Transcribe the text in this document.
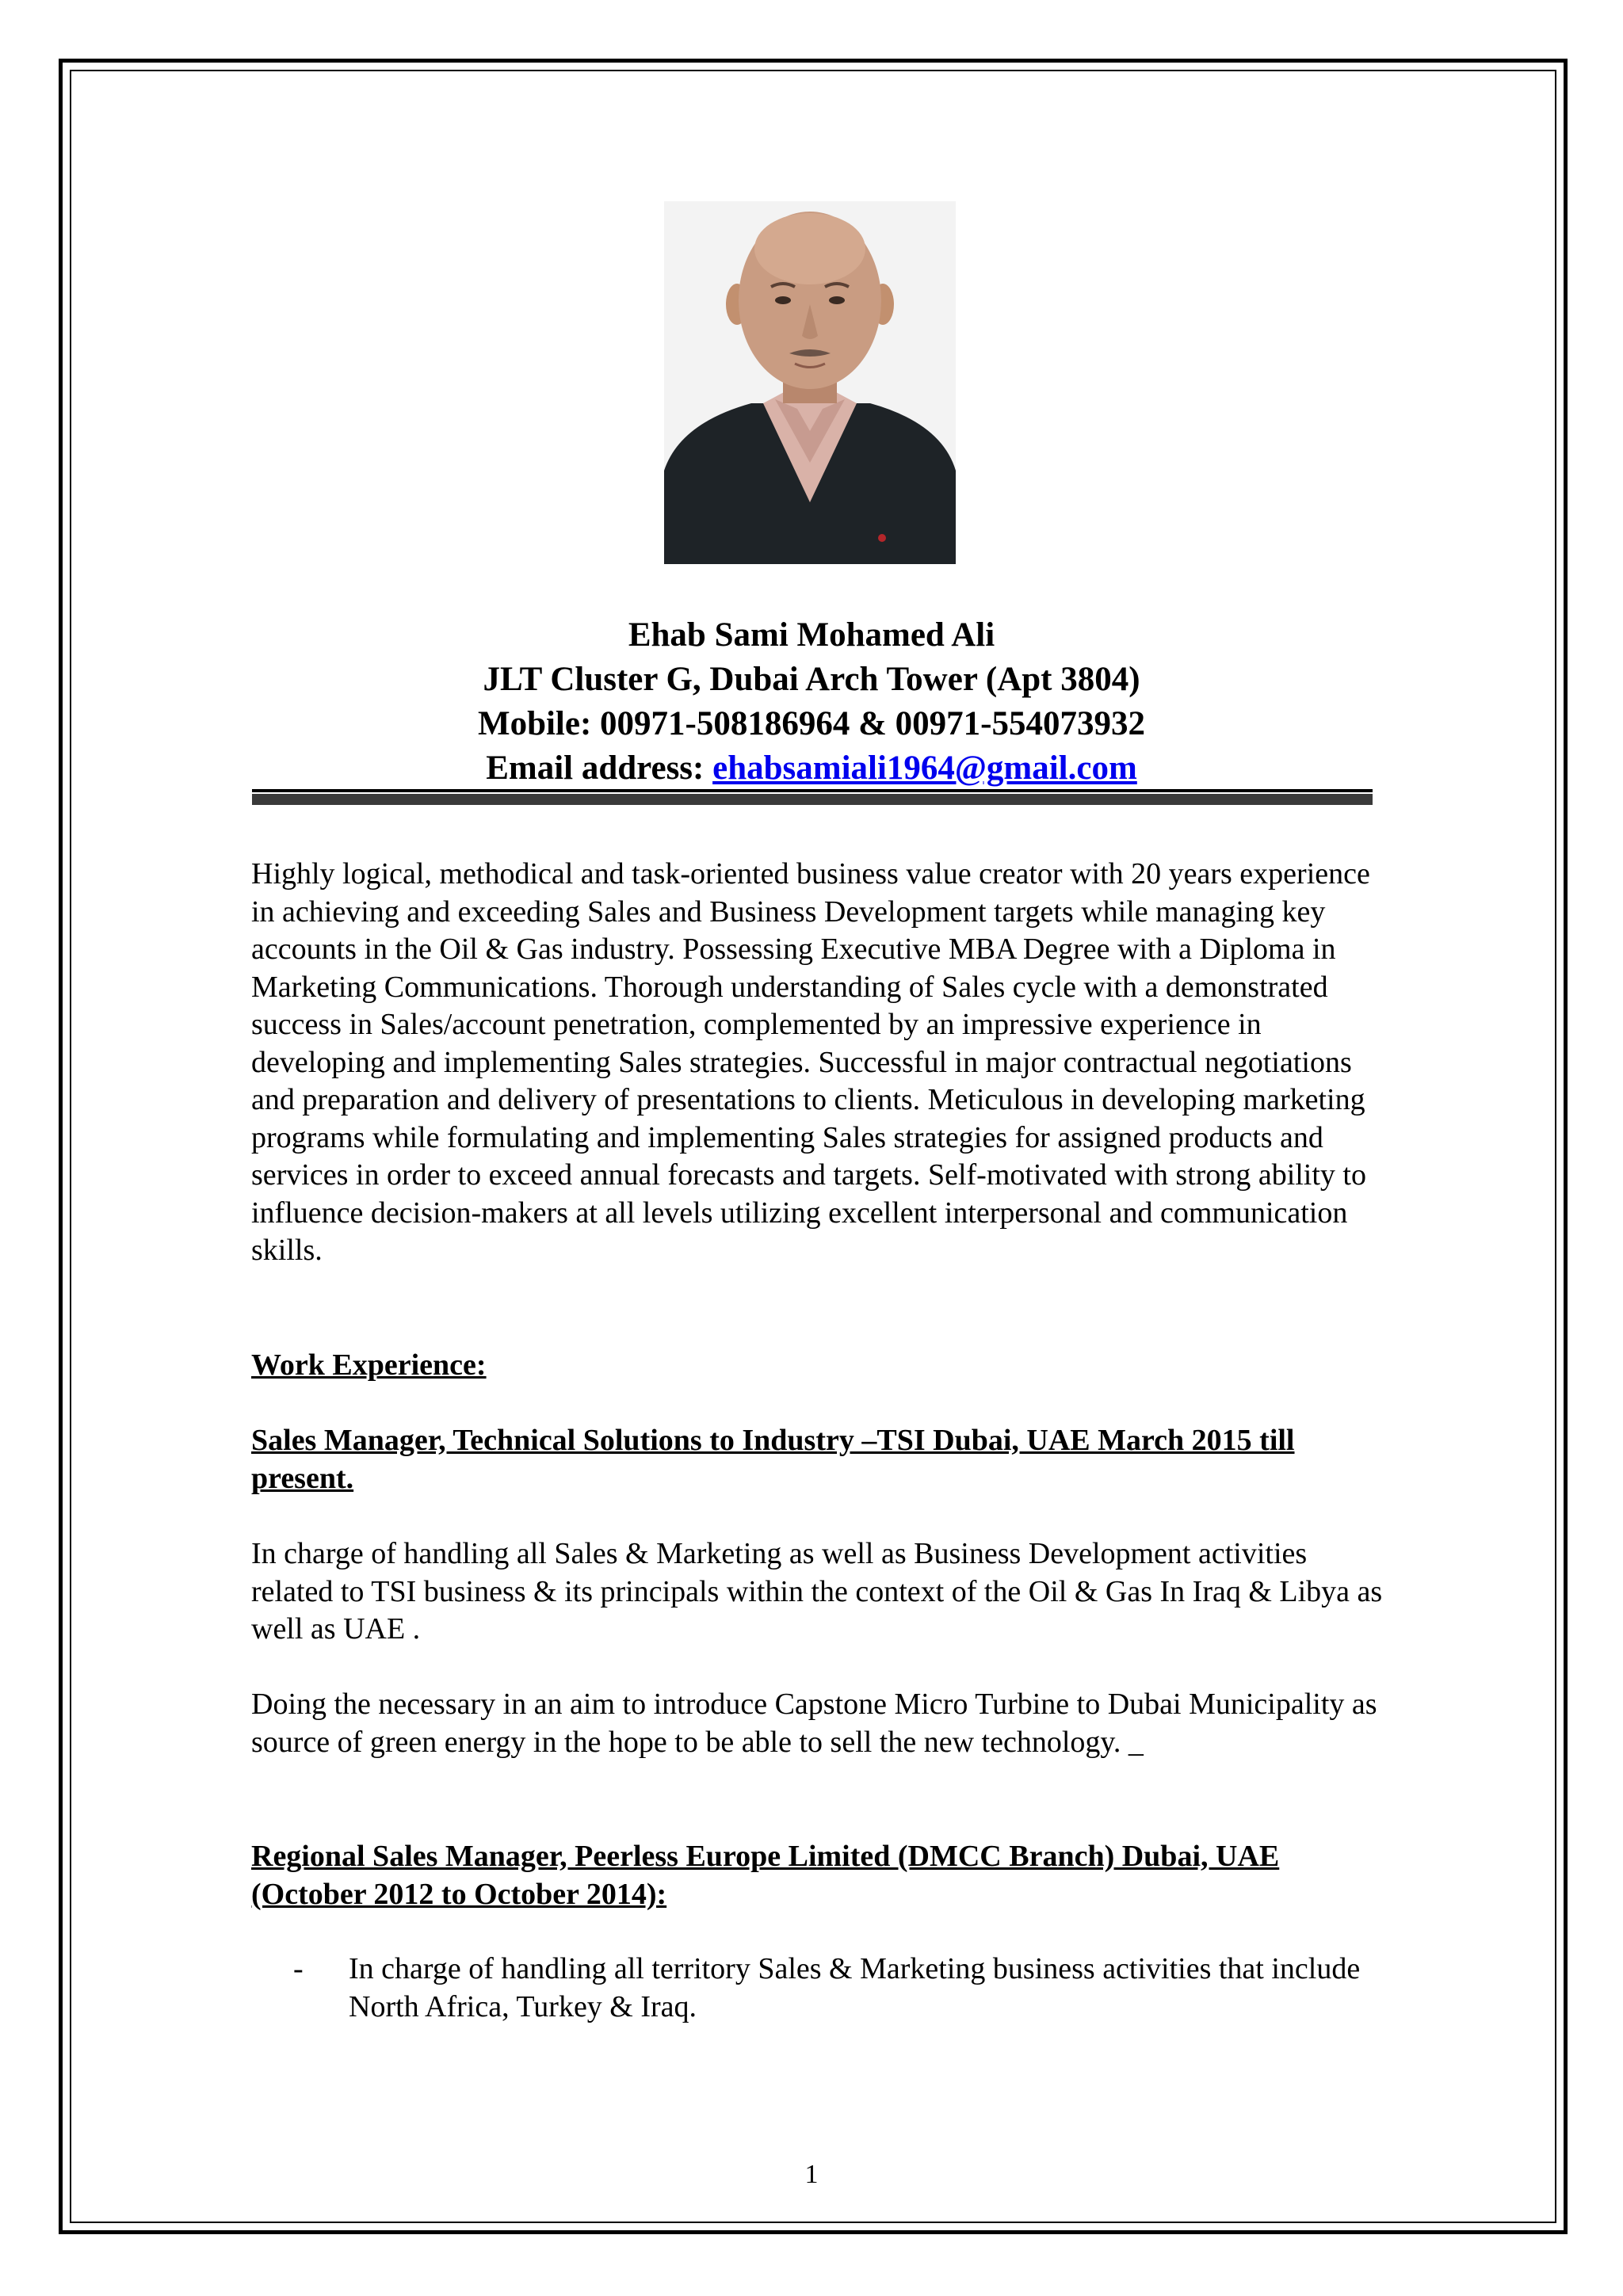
Ehab Sami Mohamed Ali
JLT Cluster G, Dubai Arch Tower (Apt 3804)
Mobile: 00971-508186964 & 00971-554073932
Email address: ehabsamiali1964@gmail.com
Highly logical, methodical and task-oriented business value creator with 20 years experience in achieving and exceeding Sales and Business Development targets while managing key accounts in the Oil & Gas industry. Possessing Executive MBA Degree with a Diploma in Marketing Communications. Thorough understanding of Sales cycle with a demonstrated success in Sales/account penetration, complemented by an impressive experience in developing and implementing Sales strategies. Successful in major contractual negotiations and preparation and delivery of presentations to clients. Meticulous in developing marketing programs while formulating and implementing Sales strategies for assigned products and services in order to exceed annual forecasts and targets. Self-motivated with strong ability to influence decision-makers at all levels utilizing excellent interpersonal and communication skills.
Work Experience:
Sales Manager, Technical Solutions to Industry –TSI Dubai, UAE March 2015 till present.
In charge of handling all Sales & Marketing as well as Business Development activities related to TSI business & its principals within the context of the Oil & Gas In Iraq & Libya as well as UAE .
Doing the necessary in an aim to introduce Capstone Micro Turbine to Dubai Municipality as source of green energy in the hope to be able to sell the new technology. _
Regional Sales Manager, Peerless Europe Limited (DMCC Branch) Dubai, UAE (October 2012 to October 2014):
- In charge of handling all territory Sales & Marketing business activities that include North Africa, Turkey & Iraq.
1
